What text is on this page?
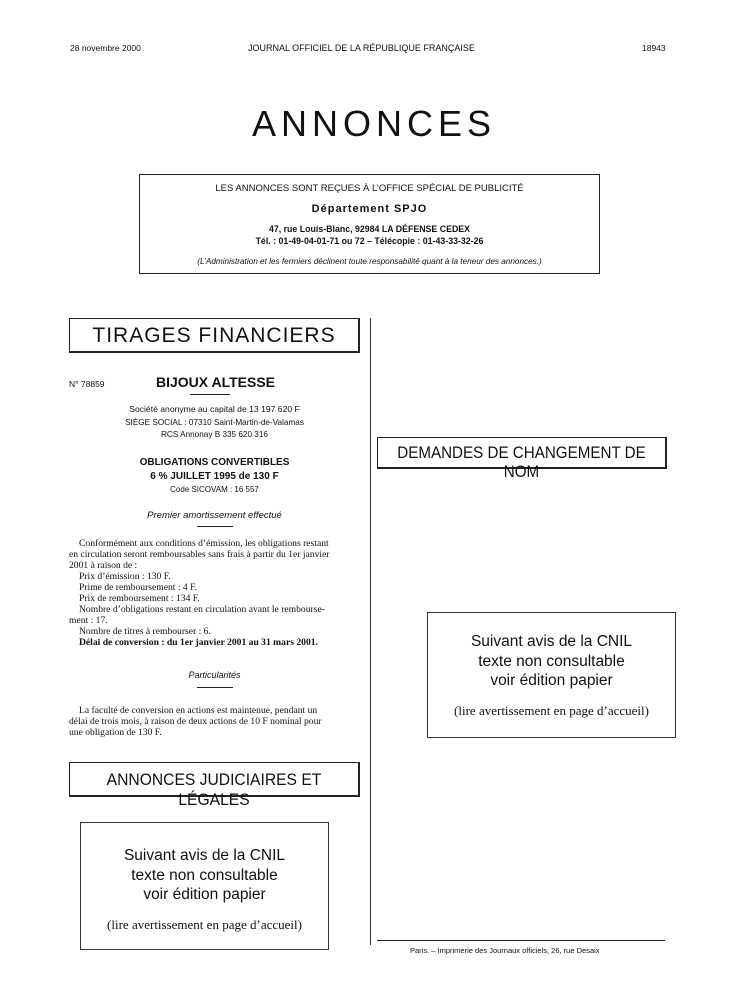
28 novembre 2000	JOURNAL OFFICIEL DE LA RÉPUBLIQUE FRANÇAISE	18943
ANNONCES
LES ANNONCES SONT REÇUES À L’OFFICE SPÉCIAL DE PUBLICITÉ
Département SPJO
47, rue Louis-Blanc, 92984 LA DÉFENSE CEDEX
Tél. : 01-49-04-01-71 ou 72 – Télécopie : 01-43-33-32-26
(L’Administration et les fermiers déclinent toute responsabilité quant à la teneur des annonces.)
TIRAGES FINANCIERS
N° 78859	BIJOUX ALTESSE
Société anonyme au capital de 13 197 620 F
SIÈGE SOCIAL : 07310 Saint-Martin-de-Valamas
RCS Annonay B 335 620 316
OBLIGATIONS CONVERTIBLES
6 % JUILLET 1995 de 130 F
Code SICOVAM : 16 557
Premier amortissement effectué
Conformément aux conditions d’émission, les obligations restant
en circulation seront remboursables sans frais à partir du 1er janvier
2001 à raison de :
Prix d’émission : 130 F.
Prime de remboursement : 4 F.
Prix de remboursement : 134 F.
Nombre d’obligations restant en circulation avant le rembourse-
ment : 17.
Nombre de titres à rembourser : 6.
Délai de conversion : du 1er janvier 2001 au 31 mars 2001.
Particularités
La faculté de conversion en actions est maintenue, pendant un
délai de trois mois, à raison de deux actions de 10 F nominal pour
une obligation de 130 F.
ANNONCES JUDICIAIRES ET LÉGALES
Suivant avis de la CNIL
texte non consultable
voir édition papier
(lire avertissement en page d’accueil)
DEMANDES DE CHANGEMENT DE NOM
Suivant avis de la CNIL
texte non consultable
voir édition papier
(lire avertissement en page d’accueil)
Paris. – Imprimerie des Journaux officiels, 26, rue Desaix
